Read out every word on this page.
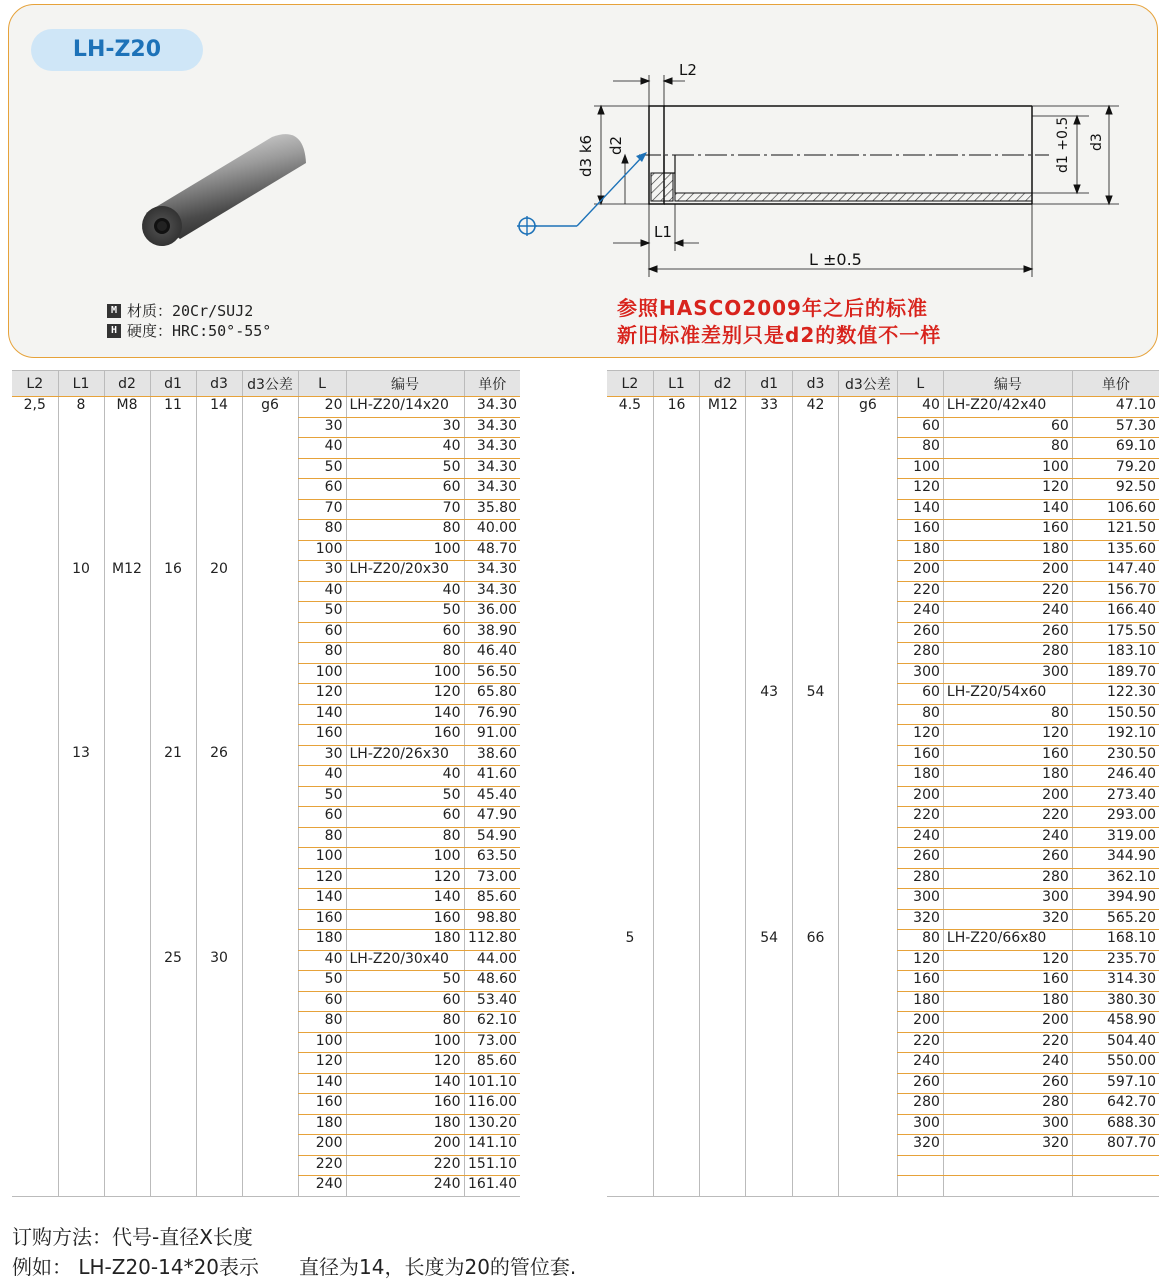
LH-Z20
M 材质：20Cr/SUJ2
H 硬度：HRC:50°-55°
L2
L1
L ±0.5
d3 k6 d2	d1 +0.5 d3
参照HASCO2009年之后的标准
新旧标准差别只是d2的数值不一样
L2	L1	d2	d1	d3	d3公差	L	编号	单价
2,5	8	M8	11	14	g6	20	LH-Z20/14x20	34.30
						30	30	34.30
						40	40	34.30
						50	50	34.30
						60	60	34.30
						70	70	35.80
						80	80	40.00
						100	100	48.70
	10	M12	16	20		30	LH-Z20/20x30	34.30
						40	40	34.30
						50	50	36.00
						60	60	38.90
						80	80	46.40
						100	100	56.50
						120	120	65.80
						140	140	76.90
						160	160	91.00
	13		21	26		30	LH-Z20/26x30	38.60
						40	40	41.60
						50	50	45.40
						60	60	47.90
						80	80	54.90
						100	100	63.50
						120	120	73.00
						140	140	85.60
						160	160	98.80
						180	180	112.80
			25	30		40	LH-Z20/30x40	44.00
						50	50	48.60
						60	60	53.40
						80	80	62.10
						100	100	73.00
						120	120	85.60
						140	140	101.10
						160	160	116.00
						180	180	130.20
						200	200	141.10
						220	220	151.10
						240	240	161.40
L2	L1	d2	d1	d3	d3公差	L	编号	单价
4.5	16	M12	33	42	g6	40	LH-Z20/42x40	47.10
						60	60	57.30
						80	80	69.10
						100	100	79.20
						120	120	92.50
						140	140	106.60
						160	160	121.50
						180	180	135.60
						200	200	147.40
						220	220	156.70
						240	240	166.40
						260	260	175.50
						280	280	183.10
						300	300	189.70
			43	54		60	LH-Z20/54x60	122.30
						80	80	150.50
						120	120	192.10
						160	160	230.50
						180	180	246.40
						200	200	273.40
						220	220	293.00
						240	240	319.00
						260	260	344.90
						280	280	362.10
						300	300	394.90
						320	320	565.20
5			54	66		80	LH-Z20/66x80	168.10
						120	120	235.70
						160	160	314.30
						180	180	380.30
						200	200	458.90
						220	220	504.40
						240	240	550.00
						260	260	597.10
						280	280	642.70
						300	300	688.30
						320	320	807.70

订购方法：代号-直径X长度
例如： LH-Z20-14*20表示 直径为14，长度为20的管位套.
